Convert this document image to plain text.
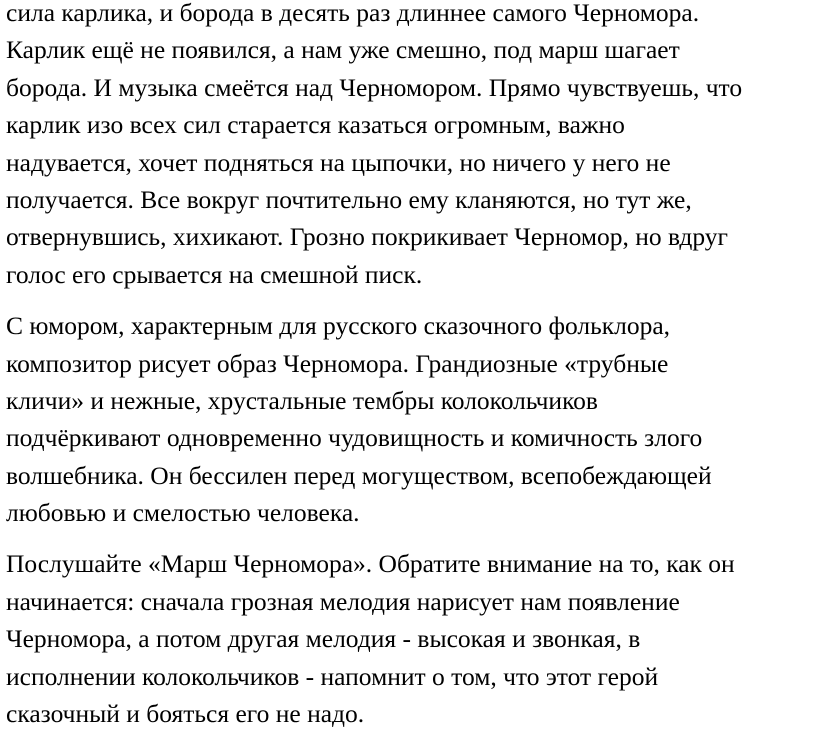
сила карлика, и борода в десять раз длиннее самого Черномора.
Карлик ещё не появился, а нам уже смешно, под марш шагает
борода. И музыка смеётся над Черномором. Прямо чувствуешь, что
карлик изо всех сил старается казаться огромным, важно
надувается, хочет подняться на цыпочки, но ничего у него не
получается. Все вокруг почтительно ему кланяются, но тут же,
отвернувшись, хихикают. Грозно покрикивает Черномор, но вдруг
голос его срывается на смешной писк.

С юмором, характерным для русского сказочного фольклора,
композитор рисует образ Черномора. Грандиозные «трубные
кличи» и нежные, хрустальные тембры колокольчиков
подчёркивают одновременно чудовищность и комичность злого
волшебника. Он бессилен перед могуществом, всепобеждающей
любовью и смелостью человека.

Послушайте «Марш Черномора». Обратите внимание на то, как он
начинается: сначала грозная мелодия нарисует нам появление
Черномора, а потом другая мелодия - высокая и звонкая, в
исполнении колокольчиков - напомнит о том, что этот герой
сказочный и бояться его не надо.
